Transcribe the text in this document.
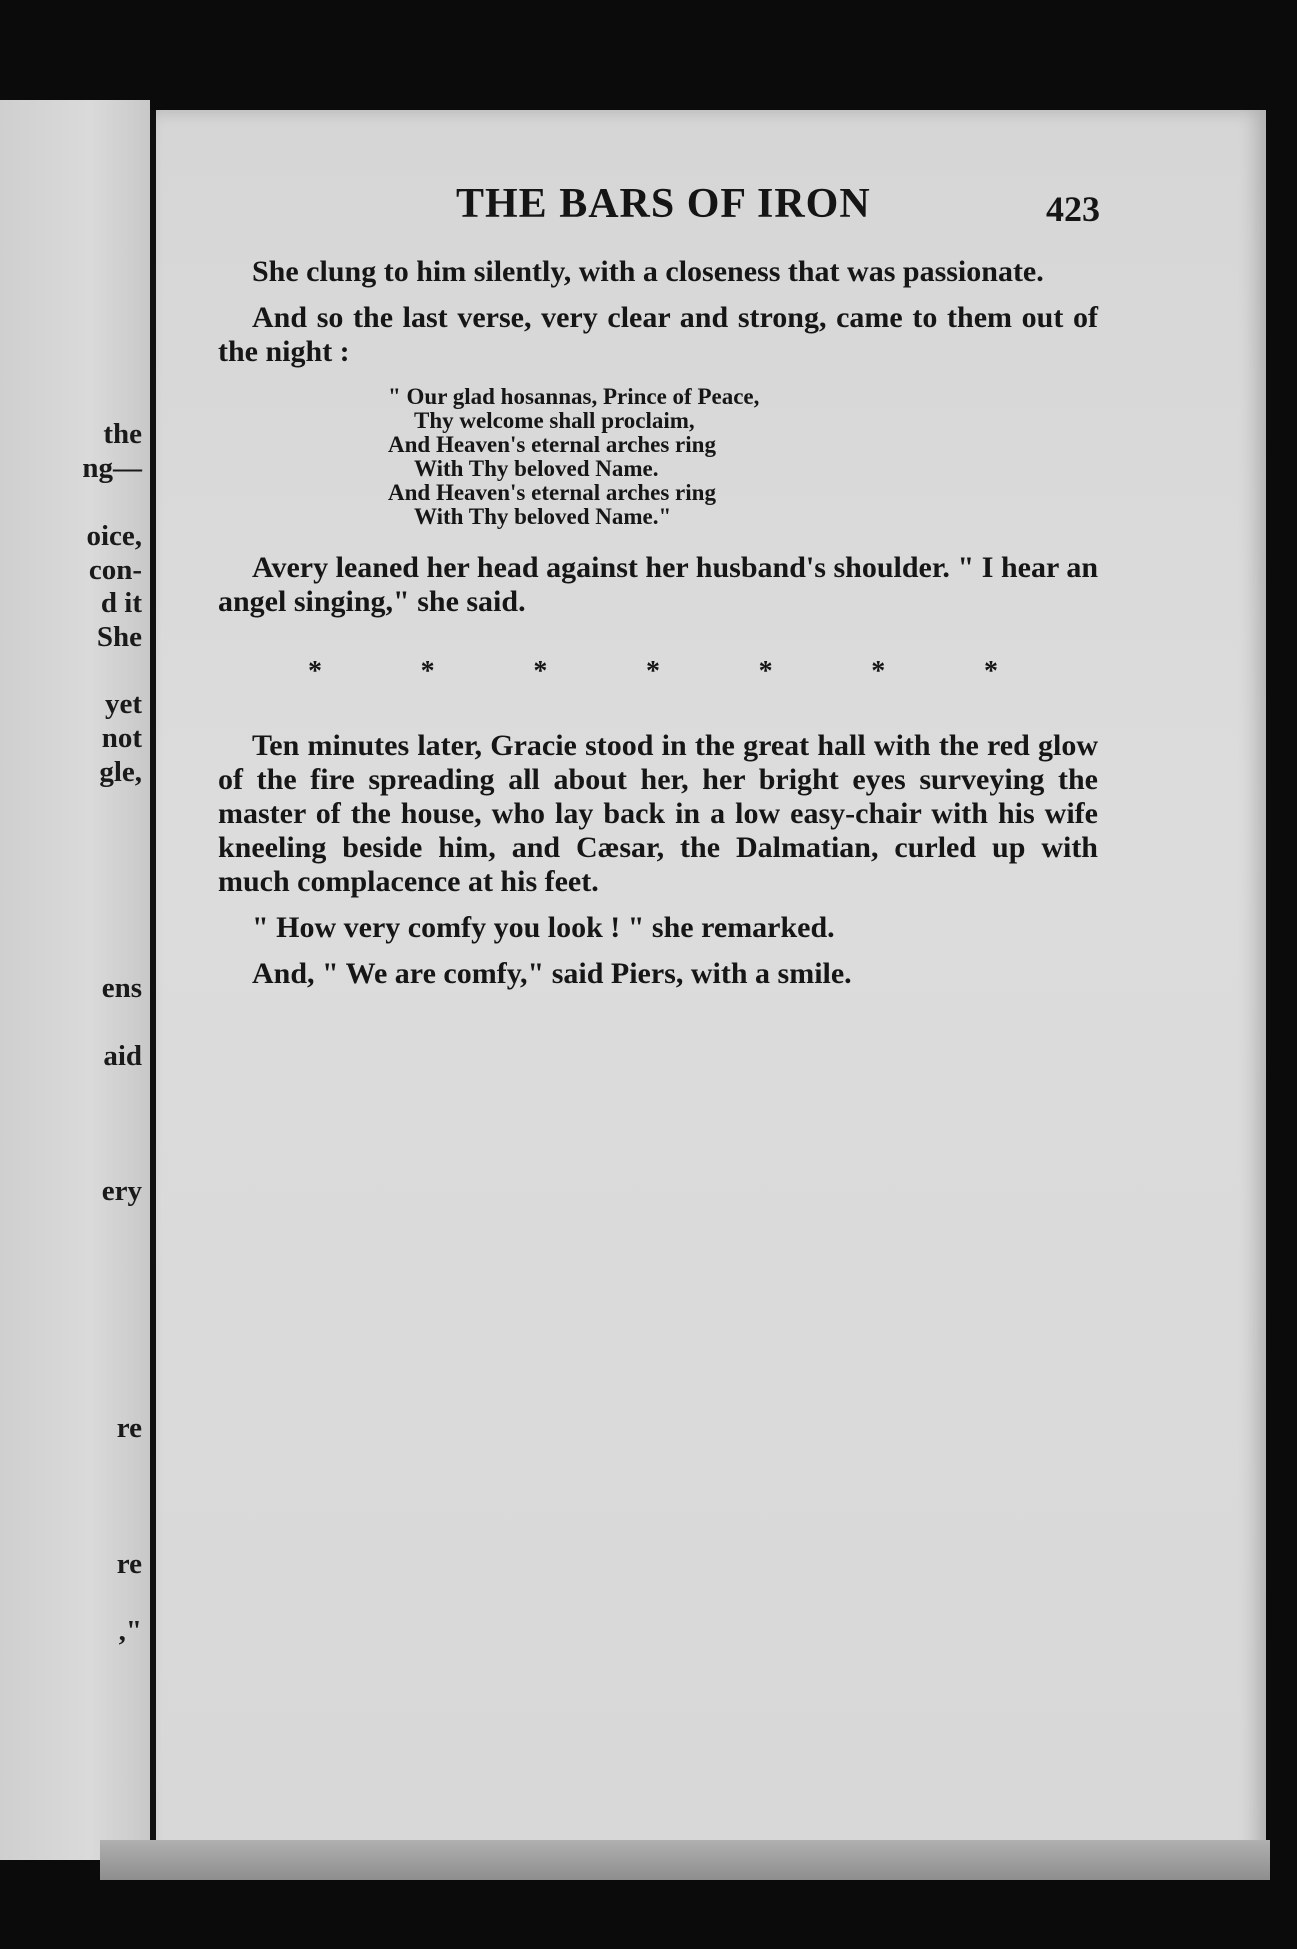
the
ng—
oice,
con-
d it
She
yet
not
gle,
ens
aid
ery
re
re
,"
THE BARS OF IRON	423

She clung to him silently, with a closeness that was passionate.

And so the last verse, very clear and strong, came to them out of the night :

" Our glad hosannas, Prince of Peace,
Thy welcome shall proclaim,
And Heaven's eternal arches ring
With Thy beloved Name.
And Heaven's eternal arches ring
With Thy beloved Name."

Avery leaned her head against her husband's shoulder. " I hear an angel singing," she said.

*	*	*	*	*	*	*

Ten minutes later, Gracie stood in the great hall with the red glow of the fire spreading all about her, her bright eyes surveying the master of the house, who lay back in a low easy-chair with his wife kneeling beside him, and Cæsar, the Dalmatian, curled up with much complacence at his feet.

" How very comfy you look ! " she remarked.

And, " We are comfy," said Piers, with a smile.
